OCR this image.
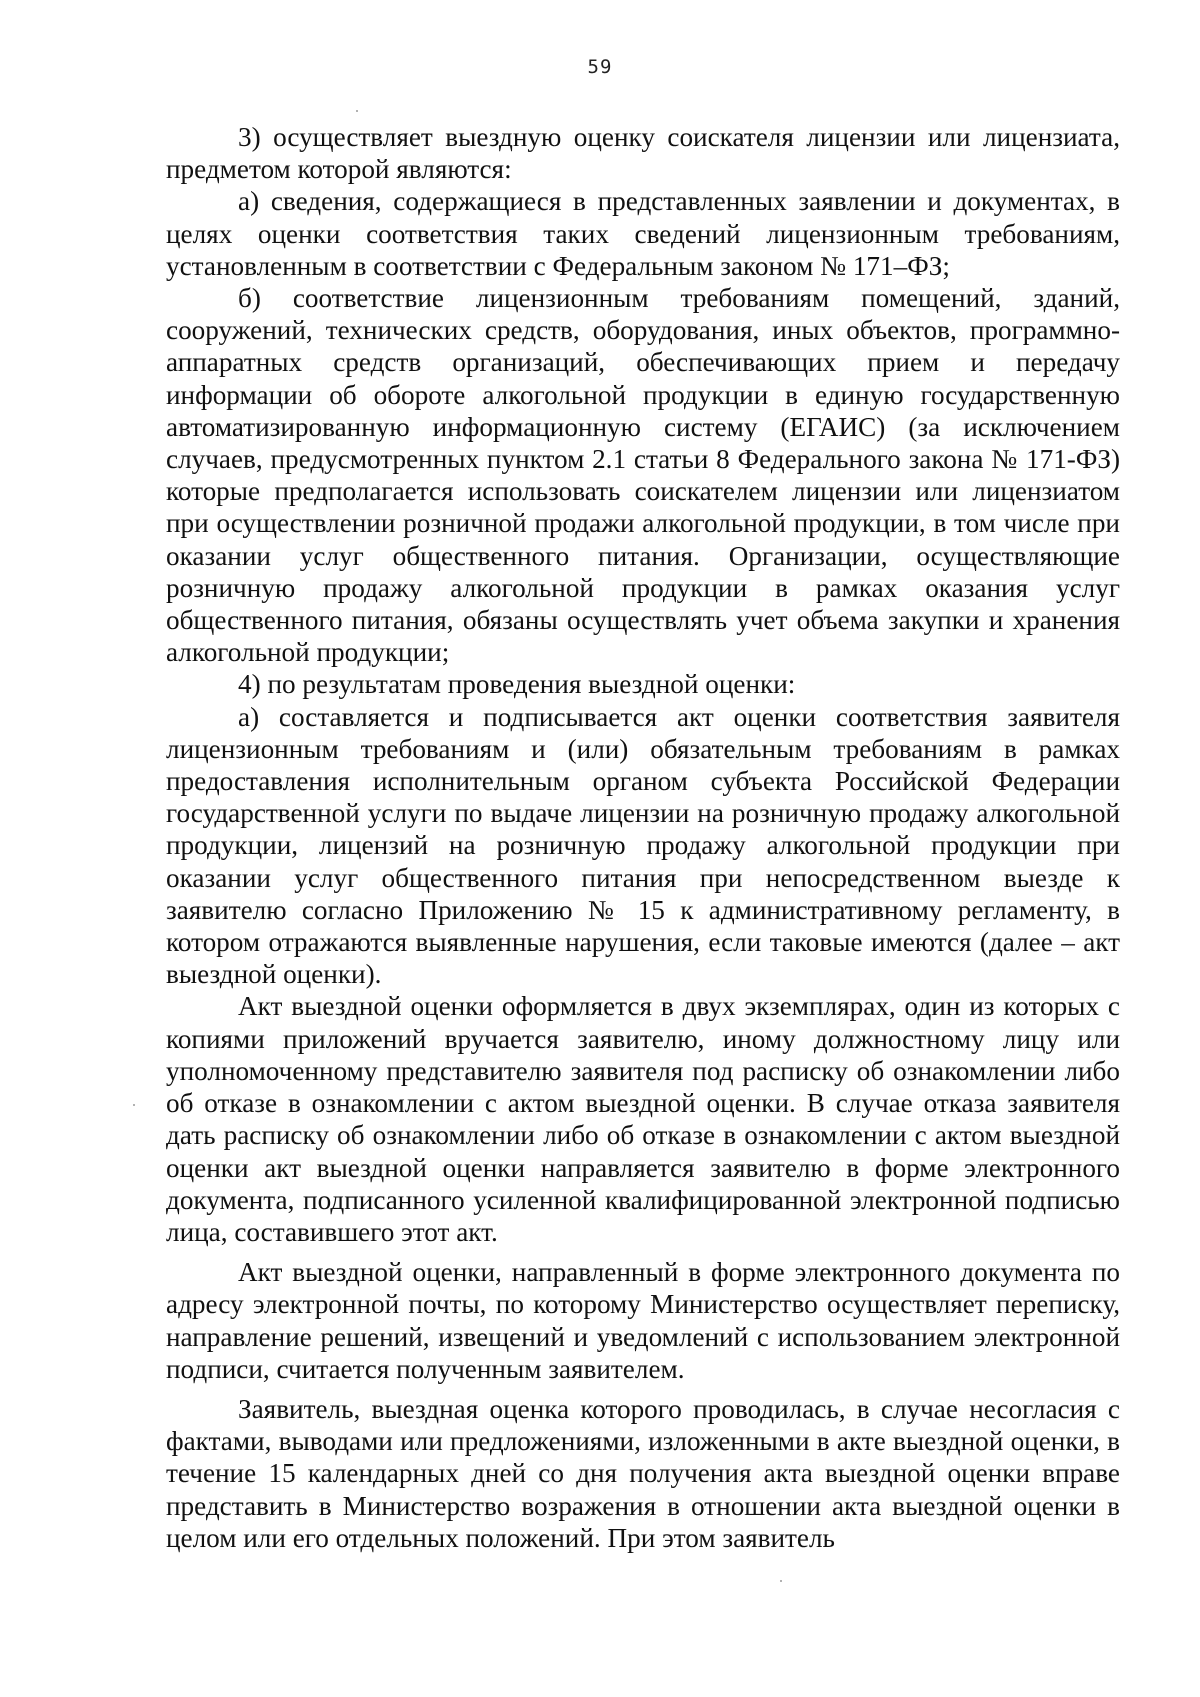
59

3) осуществляет выездную оценку соискателя лицензии или лицензиата, предметом которой являются:

а) сведения, содержащиеся в представленных заявлении и документах, в целях оценки соответствия таких сведений лицензионным требованиям, установленным в соответствии с Федеральным законом № 171–ФЗ;

б) соответствие лицензионным требованиям помещений, зданий, сооружений, технических средств, оборудования, иных объектов, программно-аппаратных средств организаций, обеспечивающих прием и передачу информации об обороте алкогольной продукции в единую государственную автоматизированную информационную систему (ЕГАИС) (за исключением случаев, предусмотренных пунктом 2.1 статьи 8 Федерального закона № 171-ФЗ) которые предполагается использовать соискателем лицензии или лицензиатом при осуществлении розничной продажи алкогольной продукции, в том числе при оказании услуг общественного питания. Организации, осуществляющие розничную продажу алкогольной продукции в рамках оказания услуг общественного питания, обязаны осуществлять учет объема закупки и хранения алкогольной продукции;

4) по результатам проведения выездной оценки:

а) составляется и подписывается акт оценки соответствия заявителя лицензионным требованиям и (или) обязательным требованиям в рамках предоставления исполнительным органом субъекта Российской Федерации государственной услуги по выдаче лицензии на розничную продажу алкогольной продукции, лицензий на розничную продажу алкогольной продукции при оказании услуг общественного питания при непосредственном выезде к заявителю согласно Приложению № 15 к административному регламенту, в котором отражаются выявленные нарушения, если таковые имеются (далее – акт выездной оценки).

Акт выездной оценки оформляется в двух экземплярах, один из которых с копиями приложений вручается заявителю, иному должностному лицу или уполномоченному представителю заявителя под расписку об ознакомлении либо об отказе в ознакомлении с актом выездной оценки. В случае отказа заявителя дать расписку об ознакомлении либо об отказе в ознакомлении с актом выездной оценки акт выездной оценки направляется заявителю в форме электронного документа, подписанного усиленной квалифицированной электронной подписью лица, составившего этот акт.

Акт выездной оценки, направленный в форме электронного документа по адресу электронной почты, по которому Министерство осуществляет переписку, направление решений, извещений и уведомлений с использованием электронной подписи, считается полученным заявителем.

Заявитель, выездная оценка которого проводилась, в случае несогласия с фактами, выводами или предложениями, изложенными в акте выездной оценки, в течение 15 календарных дней со дня получения акта выездной оценки вправе представить в Министерство возражения в отношении акта выездной оценки в целом или его отдельных положений. При этом заявитель
